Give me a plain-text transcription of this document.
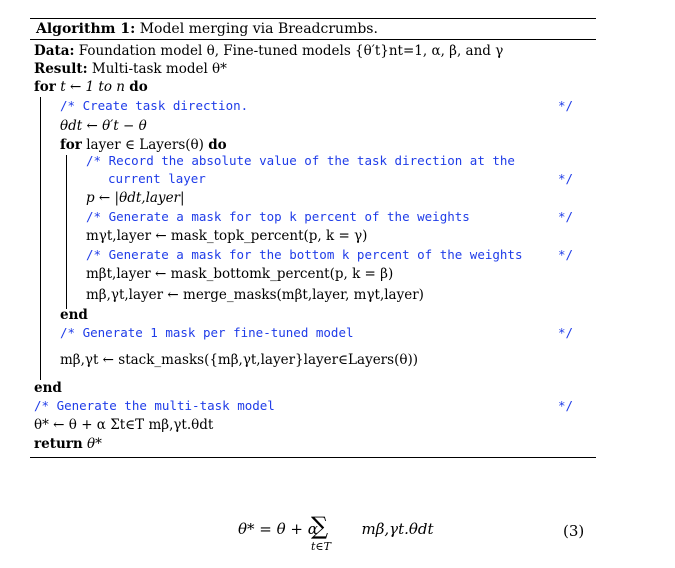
Algorithm 1: Model merging via Breadcrumbs.
Data: Foundation model θ, Fine-tuned models {θ′t}nt=1, α, β, and γ
Result: Multi-task model θ*
for t ← 1 to n do
/* Create task direction.	*/
θdt ← θ′t − θ
for layer ∈ Layers(θ) do
/* Record the absolute value of the task direction at the
current layer	*/
p ← |θdt,layer|
/* Generate a mask for top k percent of the weights	*/
mγt,layer ← mask_topk_percent(p, k = γ)
/* Generate a mask for the bottom k percent of the weights	*/
mβt,layer ← mask_bottomk_percent(p, k = β)
mβ,γt,layer ← merge_masks(mβt,layer, mγt,layer)
end
/* Generate 1 mask per fine-tuned model	*/
mβ,γt ← stack_masks({mβ,γt,layer}layer∈Layers(θ))
end
/* Generate the multi-task model	*/
θ* ← θ + α Σt∈T mβ,γt.θdt
return θ*
θ* = θ + α	mβ,γt.θdt
∑
t∈T
(3)
